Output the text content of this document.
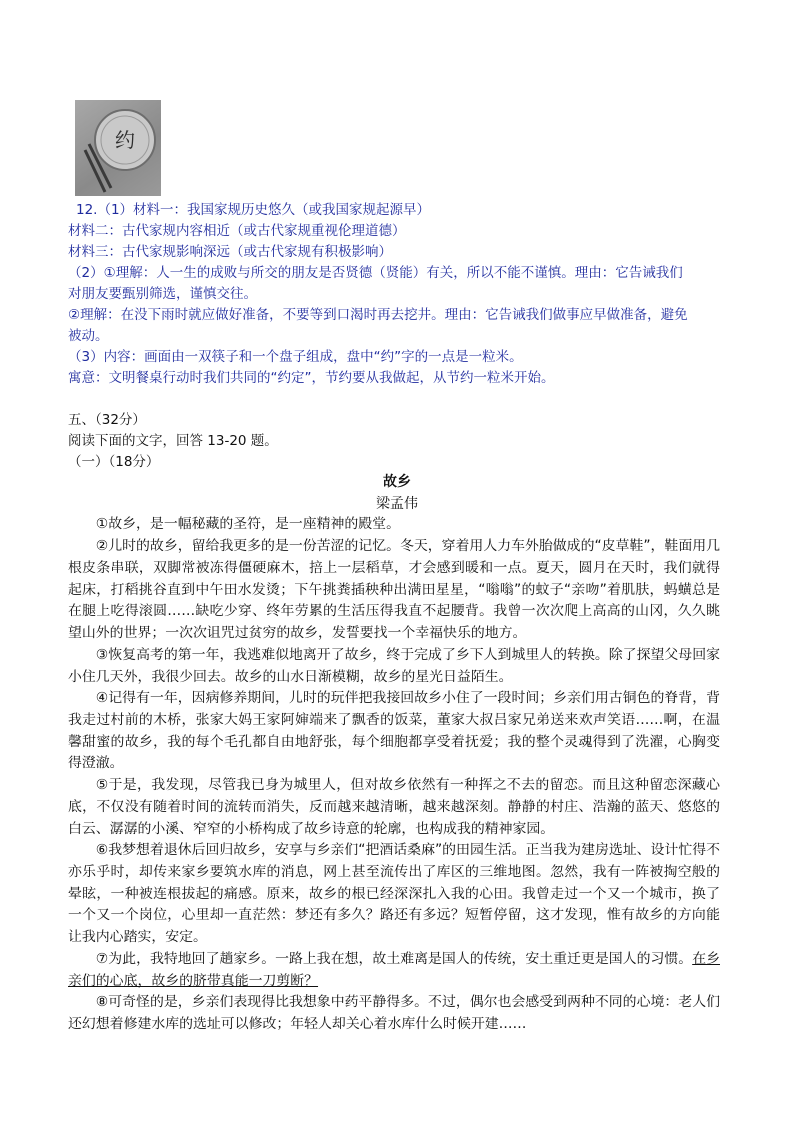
约
12.（1）材料一：我国家规历史悠久（或我国家规起源早）
材料二：古代家规内容相近（或古代家规重视伦理道德）
材料三：古代家规影响深远（或古代家规有积极影响）
（2）①理解：人一生的成败与所交的朋友是否贤德（贤能）有关，所以不能不谨慎。理由：它告诫我们
对朋友要甄别筛选，谨慎交往。
②理解：在没下雨时就应做好准备，不要等到口渴时再去挖井。理由：它告诫我们做事应早做准备，避免
被动。
（3）内容：画面由一双筷子和一个盘子组成，盘中“约”字的一点是一粒米。
寓意：文明餐桌行动时我们共同的“约定”，节约要从我做起，从节约一粒米开始。
五、（32分）
阅读下面的文字，回答 13-20 题。
（一）（18分）
故乡
梁孟伟
①故乡，是一幅秘藏的圣符，是一座精神的殿堂。
②儿时的故乡，留给我更多的是一份苦涩的记忆。冬天，穿着用人力车外胎做成的“皮草鞋”，鞋面用几根皮条串联，双脚常被冻得僵硬麻木，掊上一层稻草，才会感到暖和一点。夏天，圆月在天时，我们就得起床，打稻挑谷直到中午田水发烫；下午挑粪插秧种出满田星星，“嗡嗡”的蚊子“亲吻”着肌肤，蚂蟥总是在腿上吃得滚圆……缺吃少穿、终年劳累的生活压得我直不起腰背。我曾一次次爬上高高的山冈，久久眺望山外的世界；一次次诅咒过贫穷的故乡，发誓要找一个幸福快乐的地方。
③恢复高考的第一年，我逃难似地离开了故乡，终于完成了乡下人到城里人的转换。除了探望父母回家小住几天外，我很少回去。故乡的山水日渐模糊，故乡的星光日益陌生。
④记得有一年，因病修养期间，儿时的玩伴把我接回故乡小住了一段时间；乡亲们用古铜色的脊背，背我走过村前的木桥，张家大妈王家阿婶端来了飘香的饭菜，董家大叔吕家兄弟送来欢声笑语……啊，在温馨甜蜜的故乡，我的每个毛孔都自由地舒张，每个细胞都享受着抚爱；我的整个灵魂得到了洗濯，心胸变得澄澈。
⑤于是，我发现，尽管我已身为城里人，但对故乡依然有一种挥之不去的留恋。而且这种留恋深藏心底，不仅没有随着时间的流转而消失，反而越来越清晰，越来越深刻。静静的村庄、浩瀚的蓝天、悠悠的白云、潺潺的小溪、窄窄的小桥构成了故乡诗意的轮廓，也构成我的精神家园。
⑥我梦想着退休后回归故乡，安享与乡亲们“把酒话桑麻”的田园生活。正当我为建房选址、设计忙得不亦乐乎时，却传来家乡要筑水库的消息，网上甚至流传出了库区的三维地图。忽然，我有一阵被掏空般的晕眩，一种被连根拔起的痛感。原来，故乡的根已经深深扎入我的心田。我曾走过一个又一个城市，换了一个又一个岗位，心里却一直茫然：梦还有多久？路还有多远？短暂停留，这才发现，惟有故乡的方向能让我内心踏实，安定。
⑦为此，我特地回了趟家乡。一路上我在想，故土难离是国人的传统，安土重迁更是国人的习惯。在乡亲们的心底，故乡的脐带真能一刀剪断？
⑧可奇怪的是，乡亲们表现得比我想象中药平静得多。不过，偶尔也会感受到两种不同的心境：老人们还幻想着修建水库的选址可以修改；年轻人却关心着水库什么时候开建……
